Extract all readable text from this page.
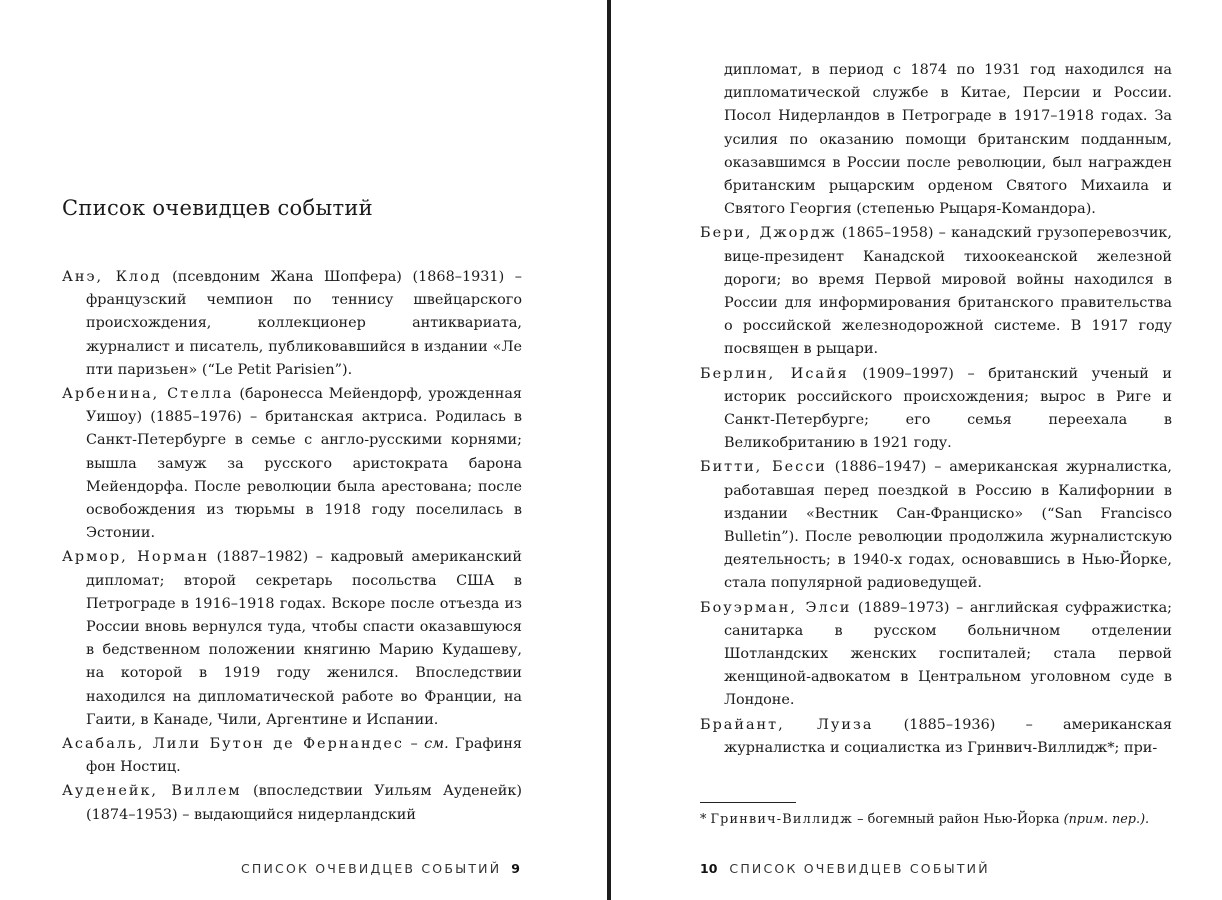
Список очевидцев событий
Анэ, Клод (псевдоним Жана Шопфера) (1868–1931) – французский чемпион по теннису швейцарского происхождения, коллекционер антиквариата, журналист и писатель, публиковавшийся в издании «Ле пти паризьен» (“Le Petit Parisien”).
Арбенина, Стелла (баронесса Мейендорф, урожденная Уишоу) (1885–1976) – британская актриса. Родилась в Санкт-Петербурге в семье с англо-русскими корнями; вышла замуж за русского аристократа барона Мейендорфа. После революции была арестована; после освобождения из тюрьмы в 1918 году поселилась в Эстонии.
Армор, Норман (1887–1982) – кадровый американский дипломат; второй секретарь посольства США в Петрограде в 1916–1918 годах. Вскоре после отъезда из России вновь вернулся туда, чтобы спасти оказавшуюся в бедственном положении княгиню Марию Кудашеву, на которой в 1919 году женился. Впоследствии находился на дипломатической работе во Франции, на Гаити, в Канаде, Чили, Аргентине и Испании.
Асабаль, Лили Бутон де Фернандес – см. Графиня фон Ностиц.
Ауденейк, Виллем (впоследствии Уильям Ауденейк) (1874–1953) – выдающийся нидерландский
СПИСОК ОЧЕВИДЦЕВ СОБЫТИЙ 9
дипломат, в период с 1874 по 1931 год находился на дипломатической службе в Китае, Персии и России. Посол Нидерландов в Петрограде в 1917–1918 годах. За усилия по оказанию помощи британским подданным, оказавшимся в России после революции, был награжден британским рыцарским орденом Святого Михаила и Святого Георгия (степенью Рыцаря-Командора).
Бери, Джордж (1865–1958) – канадский грузоперевозчик, вице-президент Канадской тихоокеанской железной дороги; во время Первой мировой войны находился в России для информирования британского правительства о российской железнодорожной системе. В 1917 году посвящен в рыцари.
Берлин, Исайя (1909–1997) – британский ученый и историк российского происхождения; вырос в Риге и Санкт-Петербурге; его семья переехала в Великобританию в 1921 году.
Битти, Бесси (1886–1947) – американская журналистка, работавшая перед поездкой в Россию в Калифорнии в издании «Вестник Сан-Франциско» (“San Francisco Bulletin”). После революции продолжила журналистскую деятельность; в 1940-х годах, основавшись в Нью-Йорке, стала популярной радиоведущей.
Боуэрман, Элси (1889–1973) – английская суфражистка; санитарка в русском больничном отделении Шотландских женских госпиталей; стала первой женщиной-адвокатом в Центральном уголовном суде в Лондоне.
Брайант, Луиза (1885–1936) – американская журналистка и социалистка из Гринвич-Виллидж*; при-

* Гринвич-Виллидж – богемный район Нью-Йорка (прим. пер.).

10 СПИСОК ОЧЕВИДЦЕВ СОБЫТИЙ
